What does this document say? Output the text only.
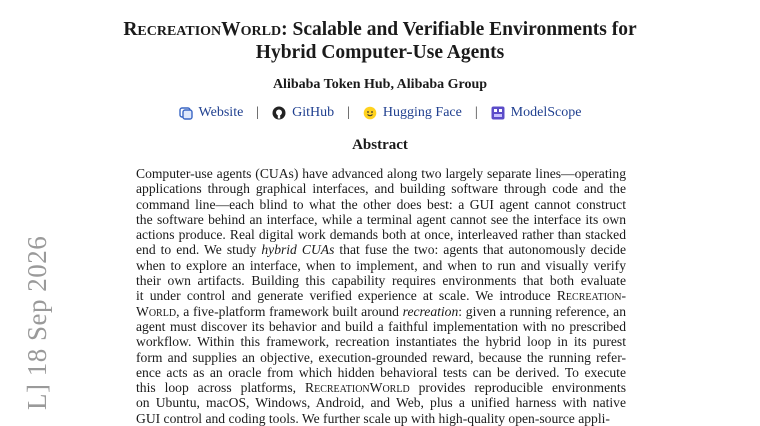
RecreationWorld: Scalable and Verifiable Environments for
Hybrid Computer-Use Agents
Alibaba Token Hub, Alibaba Group
Website | GitHub | Hugging Face | ModelScope
Abstract
Computer-use agents (CUAs) have advanced along two largely separate lines—operating
applications through graphical interfaces, and building software through code and the
command line—each blind to what the other does best: a GUI agent cannot construct
the software behind an interface, while a terminal agent cannot see the interface its own
actions produce. Real digital work demands both at once, interleaved rather than stacked
end to end. We study hybrid CUAs that fuse the two: agents that autonomously decide
when to explore an interface, when to implement, and when to run and visually verify
their own artifacts. Building this capability requires environments that both evaluate
it under control and generate verified experience at scale. We introduce Recreation-
World, a five-platform framework built around recreation: given a running reference, an
agent must discover its behavior and build a faithful implementation with no prescribed
workflow. Within this framework, recreation instantiates the hybrid loop in its purest
form and supplies an objective, execution-grounded reward, because the running refer-
ence acts as an oracle from which hidden behavioral tests can be derived. To execute
this loop across platforms, RecreationWorld provides reproducible environments
on Ubuntu, macOS, Windows, Android, and Web, plus a unified harness with native
GUI control and coding tools. We further scale up with high-quality open-source appli-
L] 18 Sep 2026
